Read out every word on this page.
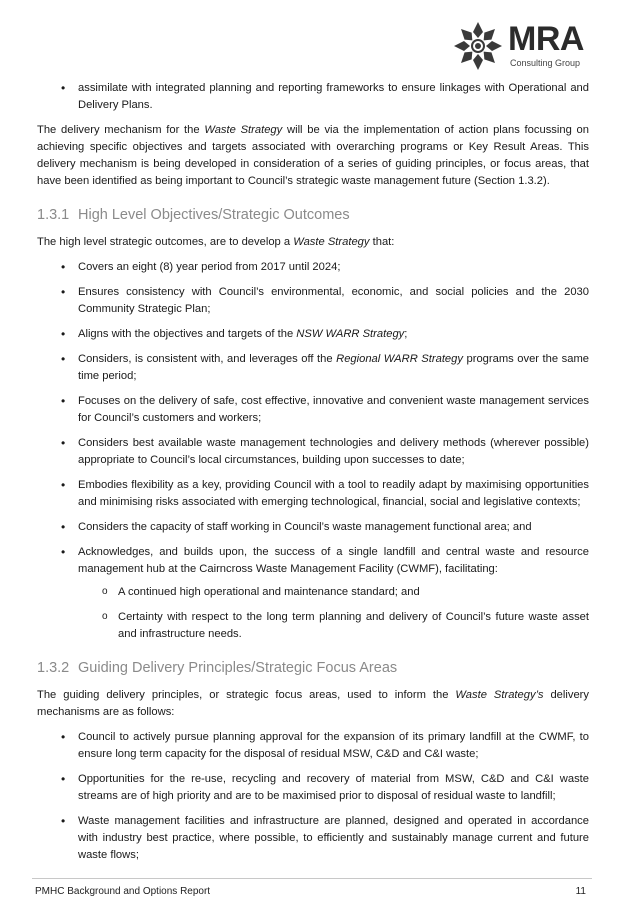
MRA
Consulting Group
• assimilate with integrated planning and reporting frameworks to ensure linkages with Operational and Delivery Plans.

The delivery mechanism for the Waste Strategy will be via the implementation of action plans focussing on achieving specific objectives and targets associated with overarching programs or Key Result Areas. This delivery mechanism is being developed in consideration of a series of guiding principles, or focus areas, that have been identified as being important to Council’s strategic waste management future (Section 1.3.2).

1.3.1 High Level Objectives/Strategic Outcomes

The high level strategic outcomes, are to develop a Waste Strategy that:

• Covers an eight (8) year period from 2017 until 2024;
• Ensures consistency with Council’s environmental, economic, and social policies and the 2030 Community Strategic Plan;
• Aligns with the objectives and targets of the NSW WARR Strategy;
• Considers, is consistent with, and leverages off the Regional WARR Strategy programs over the same time period;
• Focuses on the delivery of safe, cost effective, innovative and convenient waste management services for Council’s customers and workers;
• Considers best available waste management technologies and delivery methods (wherever possible) appropriate to Council’s local circumstances, building upon successes to date;
• Embodies flexibility as a key, providing Council with a tool to readily adapt by maximising opportunities and minimising risks associated with emerging technological, financial, social and legislative contexts;
• Considers the capacity of staff working in Council’s waste management functional area; and
• Acknowledges, and builds upon, the success of a single landfill and central waste and resource management hub at the Cairncross Waste Management Facility (CWMF), facilitating:
o A continued high operational and maintenance standard; and
o Certainty with respect to the long term planning and delivery of Council’s future waste asset and infrastructure needs.
1.3.2 Guiding Delivery Principles/Strategic Focus Areas

The guiding delivery principles, or strategic focus areas, used to inform the Waste Strategy’s delivery mechanisms are as follows:

• Council to actively pursue planning approval for the expansion of its primary landfill at the CWMF, to ensure long term capacity for the disposal of residual MSW, C&D and C&I waste;
• Opportunities for the re-use, recycling and recovery of material from MSW, C&D and C&I waste streams are of high priority and are to be maximised prior to disposal of residual waste to landfill;
• Waste management facilities and infrastructure are planned, designed and operated in accordance with industry best practice, where possible, to efficiently and sustainably manage current and future waste flows;
PMHC Background and Options Report	11
